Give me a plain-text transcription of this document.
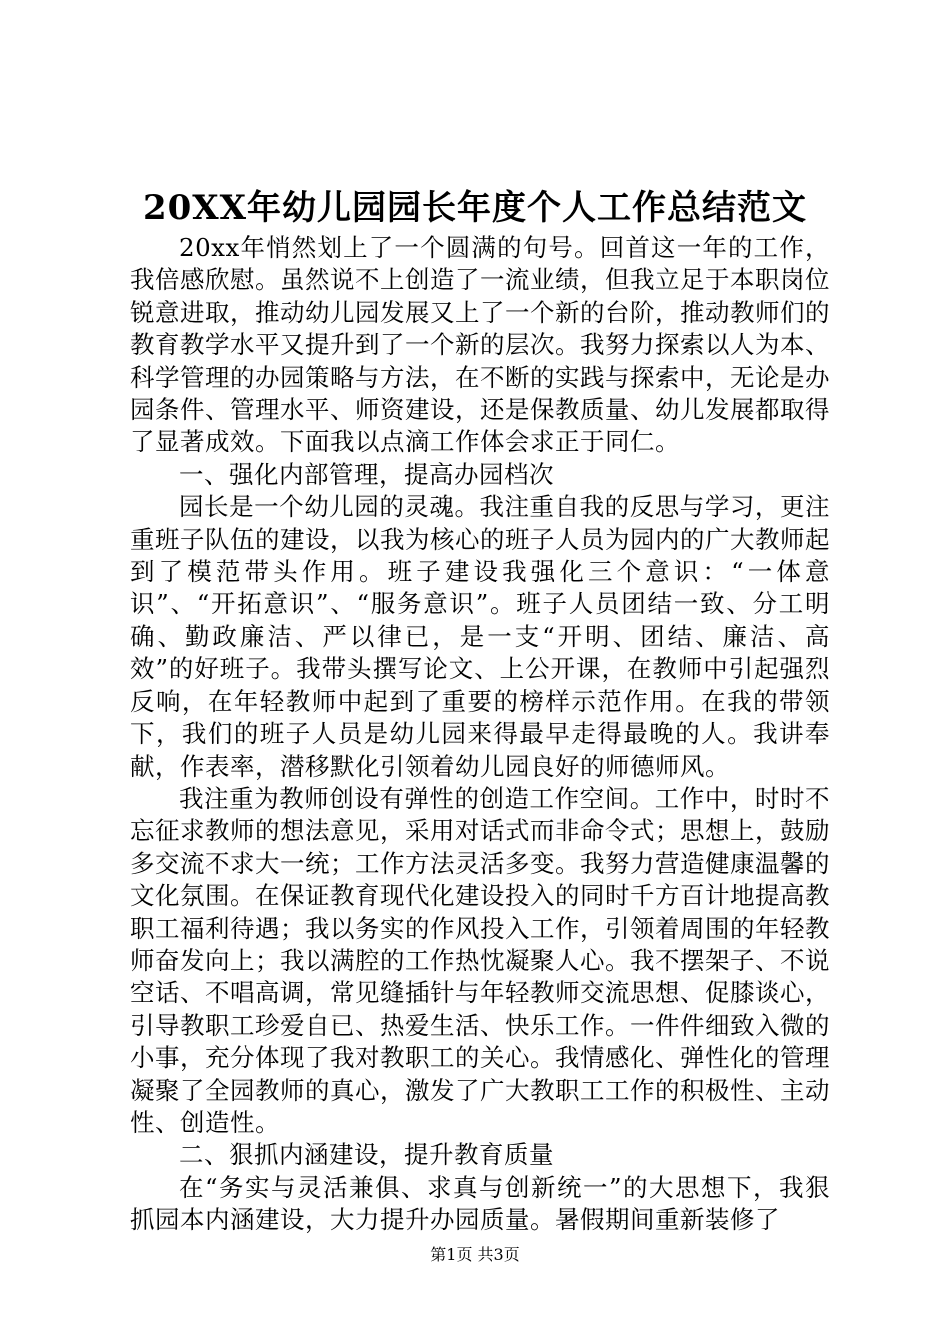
20XX年幼儿园园长年度个人工作总结范文

20xx年悄然划上了一个圆满的句号。回首这一年的工作，我倍感欣慰。虽然说不上创造了一流业绩，但我立足于本职岗位锐意进取，推动幼儿园发展又上了一个新的台阶，推动教师们的教育教学水平又提升到了一个新的层次。我努力探索以人为本、科学管理的办园策略与方法，在不断的实践与探索中，无论是办园条件、管理水平、师资建设，还是保教质量、幼儿发展都取得了显著成效。下面我以点滴工作体会求正于同仁。

一、强化内部管理，提高办园档次

园长是一个幼儿园的灵魂。我注重自我的反思与学习，更注重班子队伍的建设，以我为核心的班子人员为园内的广大教师起到了模范带头作用。班子建设我强化三个意识：“一体意识”、“开拓意识”、“服务意识”。班子人员团结一致、分工明确、勤政廉洁、严以律已，是一支“开明、团结、廉洁、高效”的好班子。我带头撰写论文、上公开课，在教师中引起强烈反响，在年轻教师中起到了重要的榜样示范作用。在我的带领下，我们的班子人员是幼儿园来得最早走得最晚的人。我讲奉献，作表率，潜移默化引领着幼儿园良好的师德师风。

我注重为教师创设有弹性的创造工作空间。工作中，时时不忘征求教师的想法意见，采用对话式而非命令式；思想上，鼓励多交流不求大一统；工作方法灵活多变。我努力营造健康温馨的文化氛围。在保证教育现代化建设投入的同时千方百计地提高教职工福利待遇；我以务实的作风投入工作，引领着周围的年轻教师奋发向上；我以满腔的工作热忱凝聚人心。我不摆架子、不说空话、不唱高调，常见缝插针与年轻教师交流思想、促膝谈心，引导教职工珍爱自已、热爱生活、快乐工作。一件件细致入微的小事，充分体现了我对教职工的关心。我情感化、弹性化的管理凝聚了全园教师的真心，激发了广大教职工工作的积极性、主动性、创造性。

二、狠抓内涵建设，提升教育质量

在“务实与灵活兼俱、求真与创新统一”的大思想下，我狠抓园本内涵建设，大力提升办园质量。暑假期间重新装修了

第1页 共3页
